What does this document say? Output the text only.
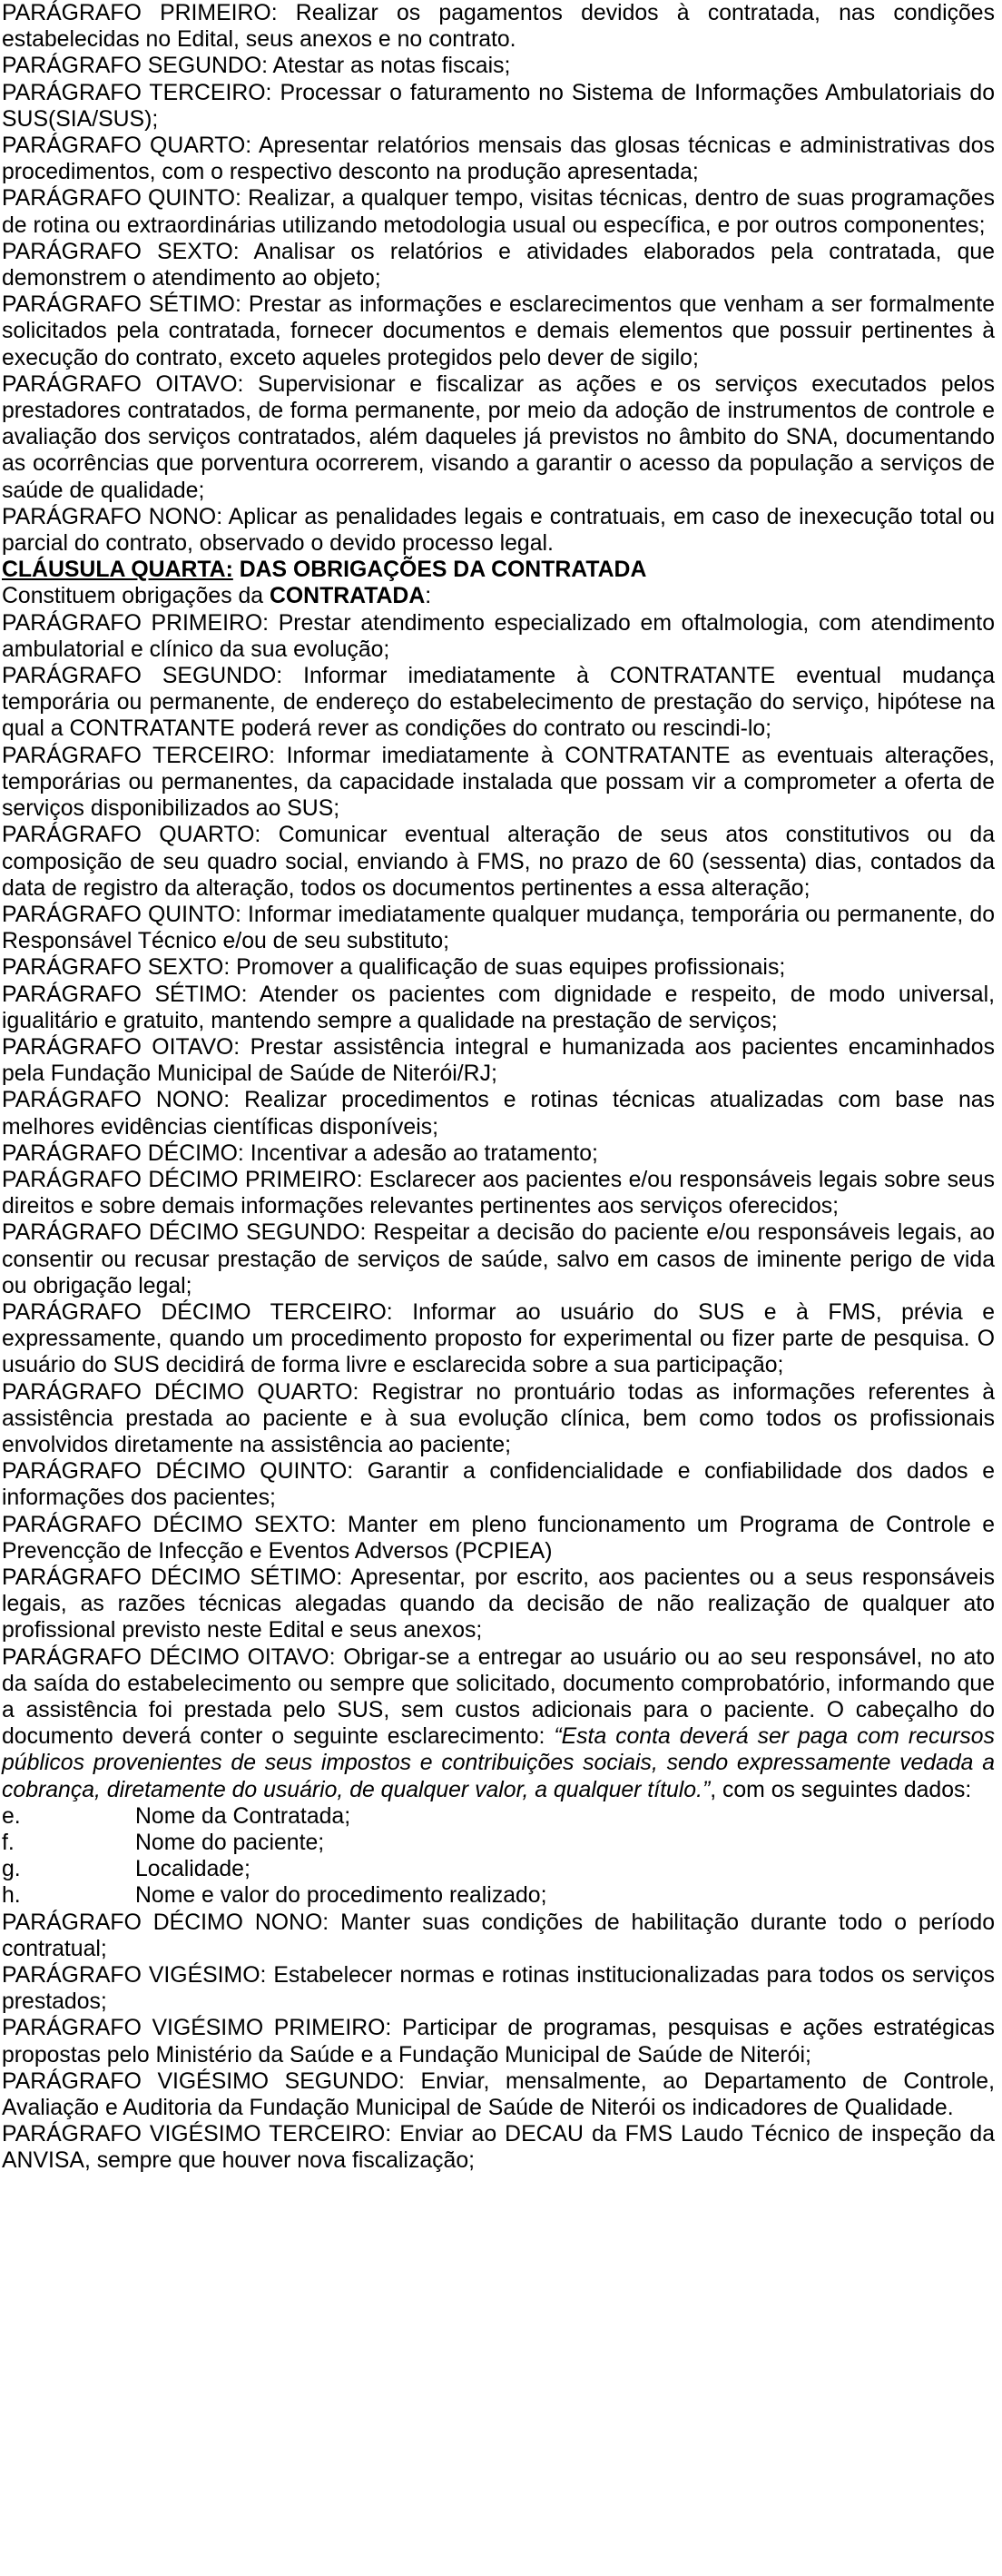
PARÁGRAFO PRIMEIRO: Realizar os pagamentos devidos à contratada, nas condições estabelecidas no Edital, seus anexos e no contrato.

PARÁGRAFO SEGUNDO: Atestar as notas fiscais;

PARÁGRAFO TERCEIRO: Processar o faturamento no Sistema de Informações Ambulatoriais do SUS(SIA/SUS);

PARÁGRAFO QUARTO: Apresentar relatórios mensais das glosas técnicas e administrativas dos procedimentos, com o respectivo desconto na produção apresentada;

PARÁGRAFO QUINTO: Realizar, a qualquer tempo, visitas técnicas, dentro de suas programações de rotina ou extraordinárias utilizando metodologia usual ou específica, e por outros componentes;

PARÁGRAFO SEXTO: Analisar os relatórios e atividades elaborados pela contratada, que demonstrem o atendimento ao objeto;

PARÁGRAFO SÉTIMO: Prestar as informações e esclarecimentos que venham a ser formalmente solicitados pela contratada, fornecer documentos e demais elementos que possuir pertinentes à execução do contrato, exceto aqueles protegidos pelo dever de sigilo;

PARÁGRAFO OITAVO: Supervisionar e fiscalizar as ações e os serviços executados pelos prestadores contratados, de forma permanente, por meio da adoção de instrumentos de controle e avaliação dos serviços contratados, além daqueles já previstos no âmbito do SNA, documentando as ocorrências que porventura ocorrerem, visando a garantir o acesso da população a serviços de saúde de qualidade;

PARÁGRAFO NONO: Aplicar as penalidades legais e contratuais, em caso de inexecução total ou parcial do contrato, observado o devido processo legal.

CLÁUSULA QUARTA: DAS OBRIGAÇÕES DA CONTRATADA

Constituem obrigações da CONTRATADA:

PARÁGRAFO PRIMEIRO: Prestar atendimento especializado em oftalmologia, com atendimento ambulatorial e clínico da sua evolução;

PARÁGRAFO SEGUNDO: Informar imediatamente à CONTRATANTE eventual mudança temporária ou permanente, de endereço do estabelecimento de prestação do serviço, hipótese na qual a CONTRATANTE poderá rever as condições do contrato ou rescindi-lo;

PARÁGRAFO TERCEIRO: Informar imediatamente à CONTRATANTE as eventuais alterações, temporárias ou permanentes, da capacidade instalada que possam vir a comprometer a oferta de serviços disponibilizados ao SUS;

PARÁGRAFO QUARTO: Comunicar eventual alteração de seus atos constitutivos ou da composição de seu quadro social, enviando à FMS, no prazo de 60 (sessenta) dias, contados da data de registro da alteração, todos os documentos pertinentes a essa alteração;

PARÁGRAFO QUINTO: Informar imediatamente qualquer mudança, temporária ou permanente, do Responsável Técnico e/ou de seu substituto;

PARÁGRAFO SEXTO: Promover a qualificação de suas equipes profissionais;

PARÁGRAFO SÉTIMO: Atender os pacientes com dignidade e respeito, de modo universal, igualitário e gratuito, mantendo sempre a qualidade na prestação de serviços;

PARÁGRAFO OITAVO: Prestar assistência integral e humanizada aos pacientes encaminhados pela Fundação Municipal de Saúde de Niterói/RJ;

PARÁGRAFO NONO: Realizar procedimentos e rotinas técnicas atualizadas com base nas melhores evidências científicas disponíveis;

PARÁGRAFO DÉCIMO: Incentivar a adesão ao tratamento;

PARÁGRAFO DÉCIMO PRIMEIRO: Esclarecer aos pacientes e/ou responsáveis legais sobre seus direitos e sobre demais informações relevantes pertinentes aos serviços oferecidos;

PARÁGRAFO DÉCIMO SEGUNDO: Respeitar a decisão do paciente e/ou responsáveis legais, ao consentir ou recusar prestação de serviços de saúde, salvo em casos de iminente perigo de vida ou obrigação legal;

PARÁGRAFO DÉCIMO TERCEIRO: Informar ao usuário do SUS e à FMS, prévia e expressamente, quando um procedimento proposto for experimental ou fizer parte de pesquisa. O usuário do SUS decidirá de forma livre e esclarecida sobre a sua participação;

PARÁGRAFO DÉCIMO QUARTO: Registrar no prontuário todas as informações referentes à assistência prestada ao paciente e à sua evolução clínica, bem como todos os profissionais envolvidos diretamente na assistência ao paciente;

PARÁGRAFO DÉCIMO QUINTO: Garantir a confidencialidade e confiabilidade dos dados e informações dos pacientes;

PARÁGRAFO DÉCIMO SEXTO: Manter em pleno funcionamento um Programa de Controle e Prevencção de Infecção e Eventos Adversos (PCPIEA)

PARÁGRAFO DÉCIMO SÉTIMO: Apresentar, por escrito, aos pacientes ou a seus responsáveis legais, as razões técnicas alegadas quando da decisão de não realização de qualquer ato profissional previsto neste Edital e seus anexos;

PARÁGRAFO DÉCIMO OITAVO: Obrigar-se a entregar ao usuário ou ao seu responsável, no ato da saída do estabelecimento ou sempre que solicitado, documento comprobatório, informando que a assistência foi prestada pelo SUS, sem custos adicionais para o paciente. O cabeçalho do documento deverá conter o seguinte esclarecimento: “Esta conta deverá ser paga com recursos públicos provenientes de seus impostos e contribuições sociais, sendo expressamente vedada a cobrança, diretamente do usuário, de qualquer valor, a qualquer título.”, com os seguintes dados:

e.	Nome da Contratada;
f.	Nome do paciente;
g.	Localidade;
h.	Nome e valor do procedimento realizado;

PARÁGRAFO DÉCIMO NONO: Manter suas condições de habilitação durante todo o período contratual;

PARÁGRAFO VIGÉSIMO: Estabelecer normas e rotinas institucionalizadas para todos os serviços prestados;

PARÁGRAFO VIGÉSIMO PRIMEIRO: Participar de programas, pesquisas e ações estratégicas propostas pelo Ministério da Saúde e a Fundação Municipal de Saúde de Niterói;

PARÁGRAFO VIGÉSIMO SEGUNDO: Enviar, mensalmente, ao Departamento de Controle, Avaliação e Auditoria da Fundação Municipal de Saúde de Niterói os indicadores de Qualidade.

PARÁGRAFO VIGÉSIMO TERCEIRO: Enviar ao DECAU da FMS Laudo Técnico de inspeção da ANVISA, sempre que houver nova fiscalização;
